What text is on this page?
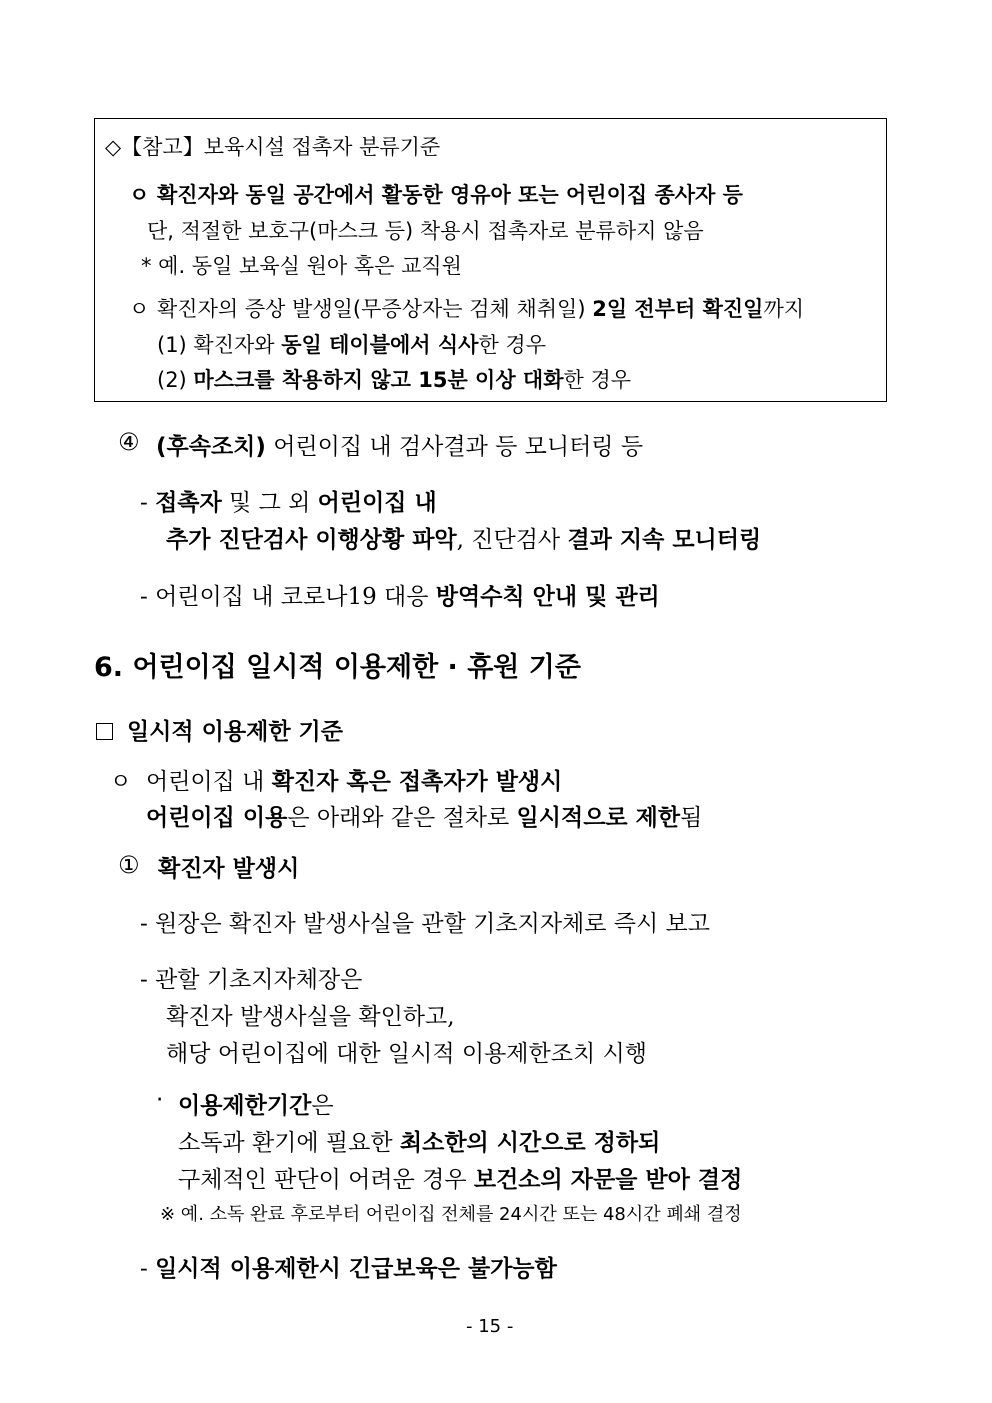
◇【참고】보육시설 접촉자 분류기준
ㅇ 확진자와 동일 공간에서 활동한 영유아 또는 어린이집 종사자 등
단, 적절한 보호구(마스크 등) 착용시 접촉자로 분류하지 않음
* 예. 동일 보육실 원아 혹은 교직원
ㅇ 확진자의 증상 발생일(무증상자는 검체 채취일) 2일 전부터 확진일까지
(1) 확진자와 동일 테이블에서 식사한 경우
(2) 마스크를 착용하지 않고 15분 이상 대화한 경우
④ (후속조치) 어린이집 내 검사결과 등 모니터링 등
- 접촉자 및 그 외 어린이집 내
추가 진단검사 이행상황 파악, 진단검사 결과 지속 모니터링
- 어린이집 내 코로나19 대응 방역수칙 안내 및 관리
6. 어린이집 일시적 이용제한 · 휴원 기준
일시적 이용제한 기준
ㅇ 어린이집 내 확진자 혹은 접촉자가 발생시
어린이집 이용은 아래와 같은 절차로 일시적으로 제한됨
① 확진자 발생시
- 원장은 확진자 발생사실을 관할 기초지자체로 즉시 보고
- 관할 기초지자체장은
확진자 발생사실을 확인하고,
해당 어린이집에 대한 일시적 이용제한조치 시행
· 이용제한기간은
소독과 환기에 필요한 최소한의 시간으로 정하되
구체적인 판단이 어려운 경우 보건소의 자문을 받아 결정
※ 예. 소독 완료 후로부터 어린이집 전체를 24시간 또는 48시간 폐쇄 결정
- 일시적 이용제한시 긴급보육은 불가능함
- 15 -
